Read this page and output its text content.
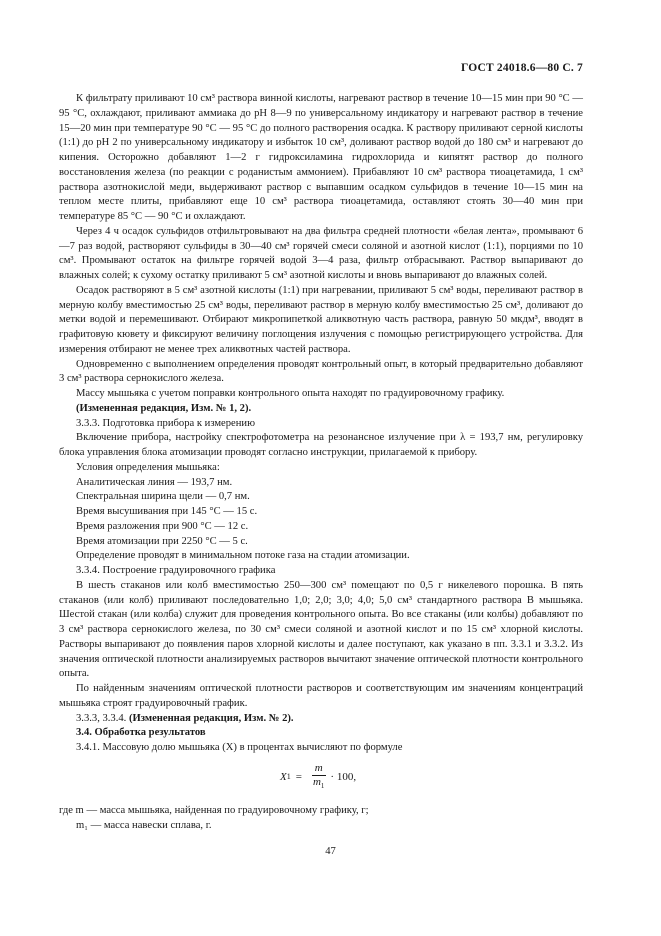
ГОСТ 24018.6—80 С. 7

К фильтрату приливают 10 см³ раствора винной кислоты, нагревают раствор в течение 10—15 мин при 90 °С — 95 °С, охлаждают, приливают аммиака до рН 8—9 по универсальному индикатору и нагревают раствор в течение 15—20 мин при температуре 90 °С — 95 °С до полного растворения осадка. К раствору приливают серной кислоты (1:1) до рН 2 по универсальному индикатору и избыток 10 см³, доливают раствор водой до 180 см³ и нагревают до кипения. Осторожно добавляют 1—2 г гидроксиламина гидрохлорида и кипятят раствор до полного восстановления железа (по реакции с роданистым аммонием). Прибавляют 10 см³ раствора тиоацетамида, 1 см³ раствора азотнокислой меди, выдерживают раствор с выпавшим осадком сульфидов в течение 10—15 мин на теплом месте плиты, прибавляют еще 10 см³ раствора тиоацетамида, оставляют стоять 30—40 мин при температуре 85 °С — 90 °С и охлаждают.

Через 4 ч осадок сульфидов отфильтровывают на два фильтра средней плотности «белая лента», промывают 6—7 раз водой, растворяют сульфиды в 30—40 см³ горячей смеси соляной и азотной кислот (1:1), порциями по 10 см³. Промывают остаток на фильтре горячей водой 3—4 раза, фильтр отбрасывают. Раствор выпаривают до влажных солей; к сухому остатку приливают 5 см³ азотной кислоты и вновь выпаривают до влажных солей.

Осадок растворяют в 5 см³ азотной кислоты (1:1) при нагревании, приливают 5 см³ воды, переливают раствор в мерную колбу вместимостью 25 см³ воды, переливают раствор в мерную колбу вместимостью 25 см³, доливают до метки водой и перемешивают. Отбирают микропипеткой аликвотную часть раствора, равную 50 мкдм³, вводят в графитовую кювету и фиксируют величину поглощения излучения с помощью регистрирующего устройства. Для измерения отбирают не менее трех аликвотных частей раствора.

Одновременно с выполнением определения проводят контрольный опыт, в который предварительно добавляют 3 см³ раствора сернокислого железа.

Массу мышьяка с учетом поправки контрольного опыта находят по градуировочному графику.

(Измененная редакция, Изм. № 1, 2).

3.3.3. Подготовка прибора к измерению

Включение прибора, настройку спектрофотометра на резонансное излучение при λ = 193,7 нм, регулировку блока управления блока атомизации проводят согласно инструкции, прилагаемой к прибору.

Условия определения мышьяка:

Аналитическая линия — 193,7 нм.

Спектральная ширина щели — 0,7 нм.

Время высушивания при 145 °С — 15 с.

Время разложения при 900 °С — 12 с.

Время атомизации при 2250 °С — 5 с.

Определение проводят в минимальном потоке газа на стадии атомизации.

3.3.4. Построение градуировочного графика

В шесть стаканов или колб вместимостью 250—300 см³ помещают по 0,5 г никелевого порошка. В пять стаканов (или колб) приливают последовательно 1,0; 2,0; 3,0; 4,0; 5,0 см³ стандартного раствора В мышьяка. Шестой стакан (или колба) служит для проведения контрольного опыта. Во все стаканы (или колбы) добавляют по 3 см³ раствора сернокислого железа, по 30 см³ смеси соляной и азотной кислот и по 15 см³ хлорной кислоты. Растворы выпаривают до появления паров хлорной кислоты и далее поступают, как указано в пп. 3.3.1 и 3.3.2. Из значения оптической плотности анализируемых растворов вычитают значение оптической плотности контрольного опыта.

По найденным значениям оптической плотности растворов и соответствующим им значениям концентраций мышьяка строят градуировочный график.

3.3.3, 3.3.4. (Измененная редакция, Изм. № 2).

3.4. Обработка результатов

3.4.1. Массовую долю мышьяка (X) в процентах вычисляют по формуле

X $1 = \frac{m}{m_1} \cdot 100$,

где m — масса мышьяка, найденная по градуировочному графику, г;

m₁ — масса навески сплава, г.

47
